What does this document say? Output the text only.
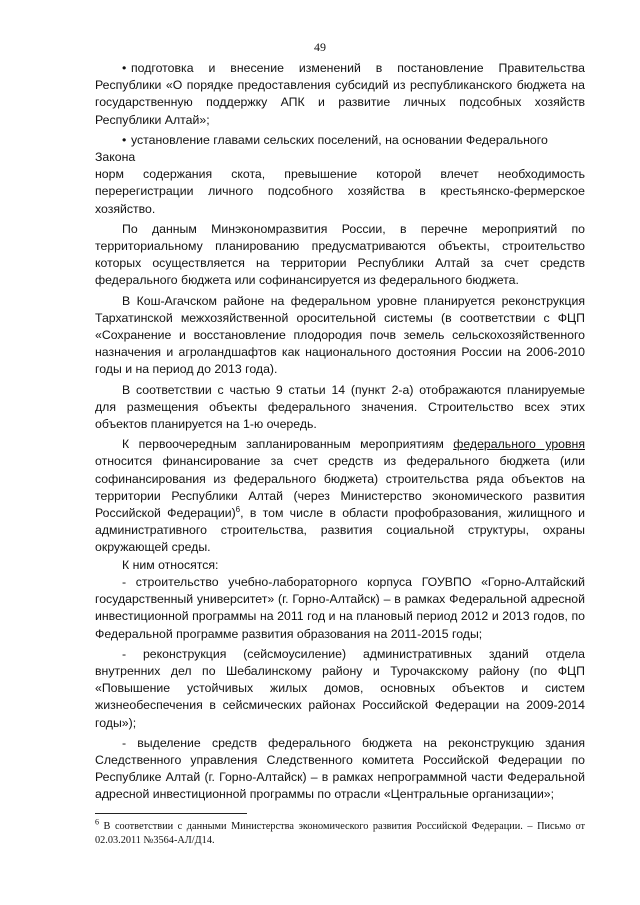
49

• подготовка и внесение изменений в постановление Правительства Республики «О порядке предоставления субсидий из республиканского бюджета на государственную поддержку АПК и развитие личных подсобных хозяйств Республики Алтай»;

• установление главами сельских поселений, на основании Федерального Закона

норм содержания скота, превышение которой влечет необходимость перерегистрации личного подсобного хозяйства в крестьянско-фермерское хозяйство.

По данным Минэкономразвития России, в перечне мероприятий по территориальному планированию предусматриваются объекты, строительство которых осуществляется на территории Республики Алтай за счет средств федерального бюджета или софинансируется из федерального бюджета.

В Кош-Агачском районе на федеральном уровне планируется реконструкция Тархатинской межхозяйственной оросительной системы (в соответствии с ФЦП «Сохранение и восстановление плодородия почв земель сельскохозяйственного назначения и агроландшафтов как национального достояния России на 2006-2010 годы и на период до 2013 года).

В соответствии с частью 9 статьи 14 (пункт 2-а) отображаются планируемые для размещения объекты федерального значения. Строительство всех этих объектов планируется на 1-ю очередь.

К первоочередным запланированным мероприятиям федерального уровня относится финансирование за счет средств из федерального бюджета (или софинансирования из федерального бюджета) строительства ряда объектов на территории Республики Алтай (через Министерство экономического развития Российской Федерации)$^6$, в том числе в области профобразования, жилищного и административного строительства, развития социальной структуры, охраны окружающей среды.

К ним относятся:

- строительство учебно-лабораторного корпуса ГОУВПО «Горно-Алтайский государственный университет» (г. Горно-Алтайск) – в рамках Федеральной адресной инвестиционной программы на 2011 год и на плановый период 2012 и 2013 годов, по Федеральной программе развития образования на 2011-2015 годы;

- реконструкция (сейсмоусиление) административных зданий отдела внутренних дел по Шебалинскому району и Турочакскому району (по ФЦП «Повышение устойчивых жилых домов, основных объектов и систем жизнеобеспечения в сейсмических районах Российской Федерации на 2009-2014 годы»);

- выделение средств федерального бюджета на реконструкцию здания Следственного управления Следственного комитета Российской Федерации по Республике Алтай (г. Горно-Алтайск) – в рамках непрограммной части Федеральной адресной инвестиционной программы по отрасли «Центральные организации»;

$^6$ В соответствии с данными Министерства экономического развития Российской Федерации. – Письмо от 02.03.2011 №3564-АЛ/Д14.
